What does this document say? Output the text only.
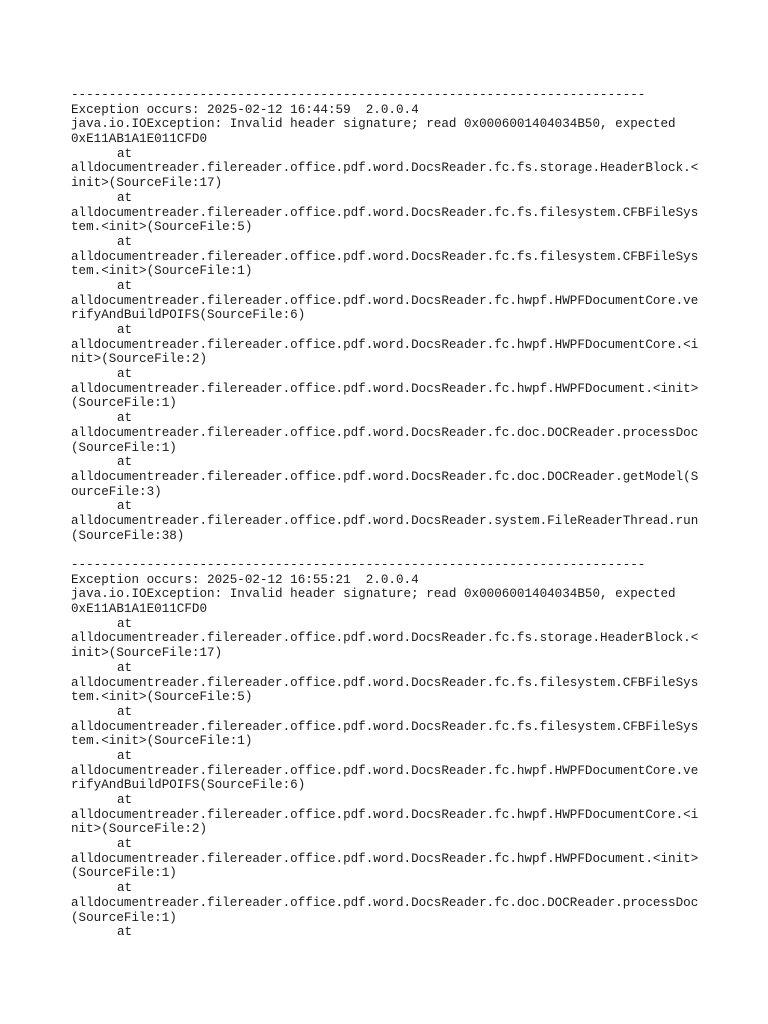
----------------------------------------------------------------------------
Exception occurs: 2025-02-12 16:44:59  2.0.0.4
java.io.IOException: Invalid header signature; read 0x0006001404034B50, expected
0xE11AB1A1E011CFD0
at
alldocumentreader.filereader.office.pdf.word.DocsReader.fc.fs.storage.HeaderBlock.<
init>(SourceFile:17)
at
alldocumentreader.filereader.office.pdf.word.DocsReader.fc.fs.filesystem.CFBFileSys
tem.<init>(SourceFile:5)
at
alldocumentreader.filereader.office.pdf.word.DocsReader.fc.fs.filesystem.CFBFileSys
tem.<init>(SourceFile:1)
at
alldocumentreader.filereader.office.pdf.word.DocsReader.fc.hwpf.HWPFDocumentCore.ve
rifyAndBuildPOIFS(SourceFile:6)
at
alldocumentreader.filereader.office.pdf.word.DocsReader.fc.hwpf.HWPFDocumentCore.<i
nit>(SourceFile:2)
at
alldocumentreader.filereader.office.pdf.word.DocsReader.fc.hwpf.HWPFDocument.<init>
(SourceFile:1)
at
alldocumentreader.filereader.office.pdf.word.DocsReader.fc.doc.DOCReader.processDoc
(SourceFile:1)
at
alldocumentreader.filereader.office.pdf.word.DocsReader.fc.doc.DOCReader.getModel(S
ourceFile:3)
at
alldocumentreader.filereader.office.pdf.word.DocsReader.system.FileReaderThread.run
(SourceFile:38)
----------------------------------------------------------------------------
Exception occurs: 2025-02-12 16:55:21  2.0.0.4
java.io.IOException: Invalid header signature; read 0x0006001404034B50, expected
0xE11AB1A1E011CFD0
at
alldocumentreader.filereader.office.pdf.word.DocsReader.fc.fs.storage.HeaderBlock.<
init>(SourceFile:17)
at
alldocumentreader.filereader.office.pdf.word.DocsReader.fc.fs.filesystem.CFBFileSys
tem.<init>(SourceFile:5)
at
alldocumentreader.filereader.office.pdf.word.DocsReader.fc.fs.filesystem.CFBFileSys
tem.<init>(SourceFile:1)
at
alldocumentreader.filereader.office.pdf.word.DocsReader.fc.hwpf.HWPFDocumentCore.ve
rifyAndBuildPOIFS(SourceFile:6)
at
alldocumentreader.filereader.office.pdf.word.DocsReader.fc.hwpf.HWPFDocumentCore.<i
nit>(SourceFile:2)
at
alldocumentreader.filereader.office.pdf.word.DocsReader.fc.hwpf.HWPFDocument.<init>
(SourceFile:1)
at
alldocumentreader.filereader.office.pdf.word.DocsReader.fc.doc.DOCReader.processDoc
(SourceFile:1)
at
